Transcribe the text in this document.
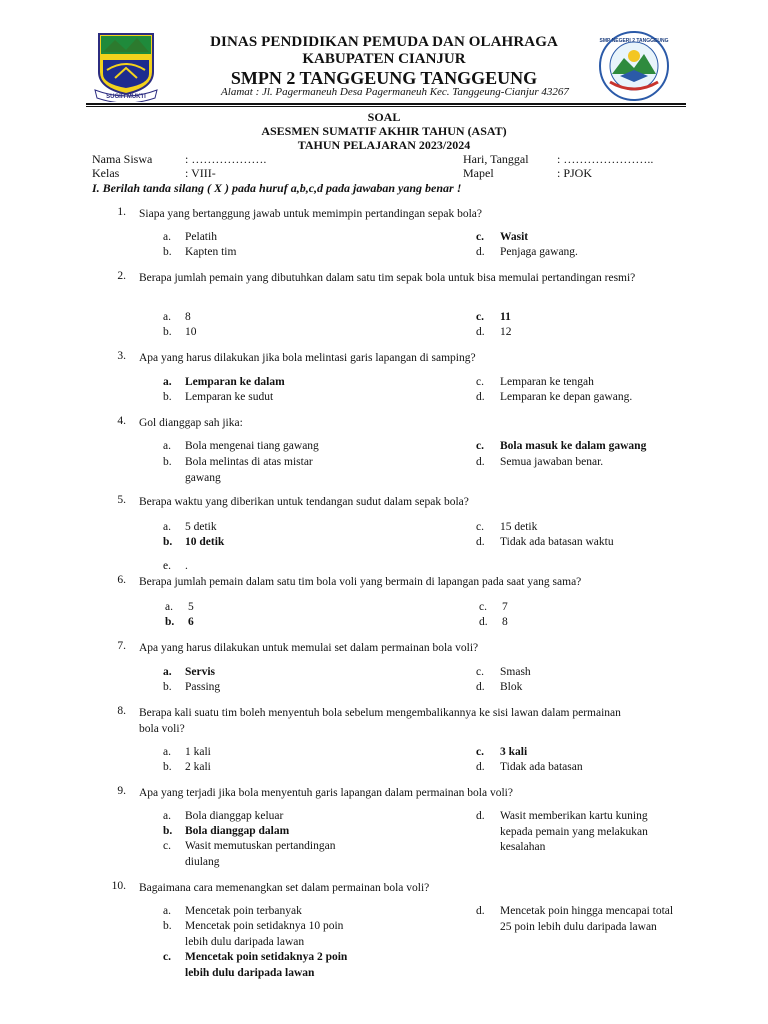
SUGIH MUKTI
SMP NEGERI 2 TANGGEUNG
DINAS PENDIDIKAN PEMUDA DAN OLAHRAGA
KABUPATEN CIANJUR
SMPN 2 TANGGEUNG TANGGEUNG
Alamat : Jl. Pagermaneuh Desa Pagermaneuh Kec. Tanggeung-Cianjur 43267
SOAL
ASESMEN SUMATIF AKHIR TAHUN (ASAT)
TAHUN PELAJARAN 2023/2024
Nama Siswa	: ……………….
Kelas	: VIII-
Hari, Tanggal : …………………..
Mapel	: PJOK
I. Berilah tanda silang ( X ) pada huruf a,b,c,d pada jawaban yang benar !
1. Siapa yang bertanggung jawab untuk memimpin pertandingan sepak bola?
a.	Pelatih
b.	Kapten tim
c.	Wasit
d.	Penjaga gawang.
2. Berapa jumlah pemain yang dibutuhkan dalam satu tim sepak bola untuk bisa memulai pertandingan resmi?
a.	8
b.	10
c.	11
d.	12
3. Apa yang harus dilakukan jika bola melintasi garis lapangan di samping?
a.	Lemparan ke dalam
b.	Lemparan ke sudut
c.	Lemparan ke tengah
d.	Lemparan ke depan gawang.
4. Gol dianggap sah jika:
a.	Bola mengenai tiang gawang
b.	Bola melintas di atas mistar gawang
c.	Bola masuk ke dalam gawang
d.	Semua jawaban benar.
5. Berapa waktu yang diberikan untuk tendangan sudut dalam sepak bola?
a.	5 detik
b.	10 detik
c.	15 detik
d.	Tidak ada batasan waktu
e.	.
6. Berapa jumlah pemain dalam satu tim bola voli yang bermain di lapangan pada saat yang sama?
a.	5
b.	6
c.	7
d.	8
7. Apa yang harus dilakukan untuk memulai set dalam permainan bola voli?
a.	Servis
b.	Passing
c.	Smash
d.	Blok
8. Berapa kali suatu tim boleh menyentuh bola sebelum mengembalikannya ke sisi lawan dalam permainan bola voli?
a.	1 kali
b.	2 kali
c.	3 kali
d.	Tidak ada batasan
9. Apa yang terjadi jika bola menyentuh garis lapangan dalam permainan bola voli?
a.	Bola dianggap keluar
b.	Bola dianggap dalam
c.	Wasit memutuskan pertandingan diulang
d.	Wasit memberikan kartu kuning kepada pemain yang melakukan kesalahan
10. Bagaimana cara memenangkan set dalam permainan bola voli?
a.	Mencetak poin terbanyak
b.	Mencetak poin setidaknya 10 poin lebih dulu daripada lawan
c.	Mencetak poin setidaknya 2 poin lebih dulu daripada lawan
d.	Mencetak poin hingga mencapai total 25 poin lebih dulu daripada lawan
